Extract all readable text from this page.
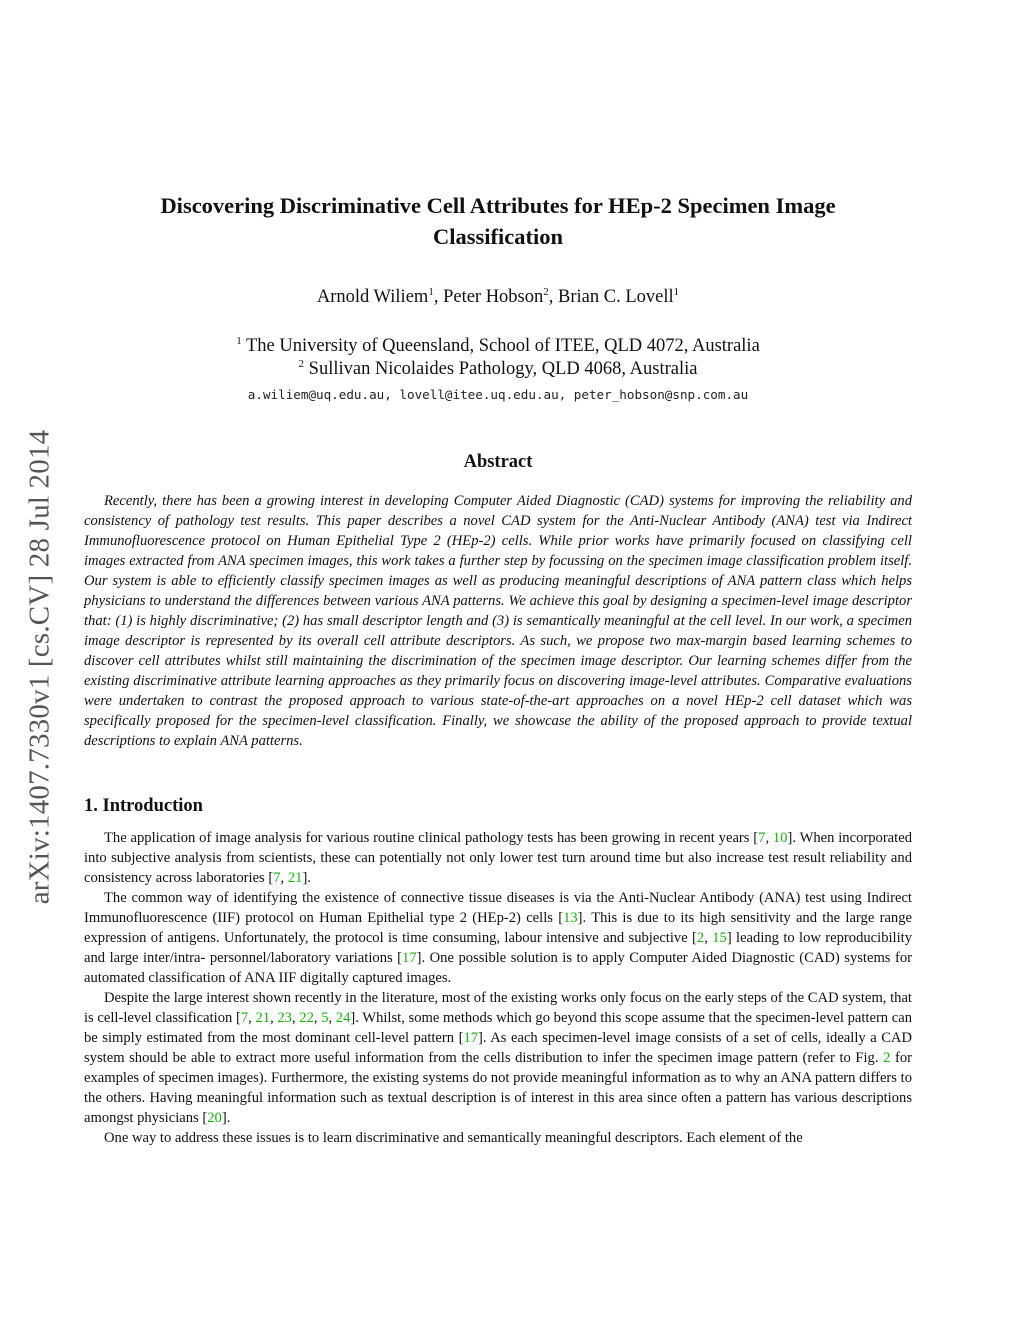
arXiv:1407.7330v1 [cs.CV] 28 Jul 2014
Discovering Discriminative Cell Attributes for HEp-2 Specimen Image
Classification
Arnold Wiliem$^1$, Peter Hobson$^2$, Brian C. Lovell$^1$
$^1$ The University of Queensland, School of ITEE, QLD 4072, Australia
$^2$ Sullivan Nicolaides Pathology, QLD 4068, Australia
a.wiliem@uq.edu.au, lovell@itee.uq.edu.au, peter_hobson@snp.com.au
Abstract

Recently, there has been a growing interest in developing Computer Aided Diagnostic (CAD) systems for improving the reliability and consistency of pathology test results. This paper describes a novel CAD system for the Anti-Nuclear Antibody (ANA) test via Indirect Immunofluorescence protocol on Human Epithelial Type 2 (HEp-2) cells. While prior works have primarily focused on classifying cell images extracted from ANA specimen images, this work takes a further step by focussing on the specimen image classification problem itself. Our system is able to efficiently classify specimen images as well as producing meaningful descriptions of ANA pattern class which helps physicians to understand the differences between various ANA patterns. We achieve this goal by designing a specimen-level image descriptor that: (1) is highly discriminative; (2) has small descriptor length and (3) is semantically meaningful at the cell level. In our work, a specimen image descriptor is represented by its overall cell attribute descriptors. As such, we propose two max-margin based learning schemes to discover cell attributes whilst still maintaining the discrimination of the specimen image descriptor. Our learning schemes differ from the existing discriminative attribute learning approaches as they primarily focus on discovering image-level attributes. Comparative evaluations were undertaken to contrast the proposed approach to various state-of-the-art approaches on a novel HEp-2 cell dataset which was specifically proposed for the specimen-level classification. Finally, we showcase the ability of the proposed approach to provide textual descriptions to explain ANA patterns.

1. Introduction

The application of image analysis for various routine clinical pathology tests has been growing in recent years [7, 10]. When incorporated into subjective analysis from scientists, these can potentially not only lower test turn around time but also increase test result reliability and consistency across laboratories [7, 21].

The common way of identifying the existence of connective tissue diseases is via the Anti-Nuclear Antibody (ANA) test using Indirect Immunofluorescence (IIF) protocol on Human Epithelial type 2 (HEp-2) cells [13]. This is due to its high sensitivity and the large range expression of antigens. Unfortunately, the protocol is time consuming, labour intensive and subjective [2, 15] leading to low reproducibility and large inter/intra- personnel/laboratory variations [17]. One possible solution is to apply Computer Aided Diagnostic (CAD) systems for automated classification of ANA IIF digitally captured images.

Despite the large interest shown recently in the literature, most of the existing works only focus on the early steps of the CAD system, that is cell-level classification [7, 21, 23, 22, 5, 24]. Whilst, some methods which go beyond this scope assume that the specimen-level pattern can be simply estimated from the most dominant cell-level pattern [17]. As each specimen-level image consists of a set of cells, ideally a CAD system should be able to extract more useful information from the cells distribution to infer the specimen image pattern (refer to Fig. 2 for examples of specimen images). Furthermore, the existing systems do not provide meaningful information as to why an ANA pattern differs to the others. Having meaningful information such as textual description is of interest in this area since often a pattern has various descriptions amongst physicians [20].

One way to address these issues is to learn discriminative and semantically meaningful descriptors. Each element of the
